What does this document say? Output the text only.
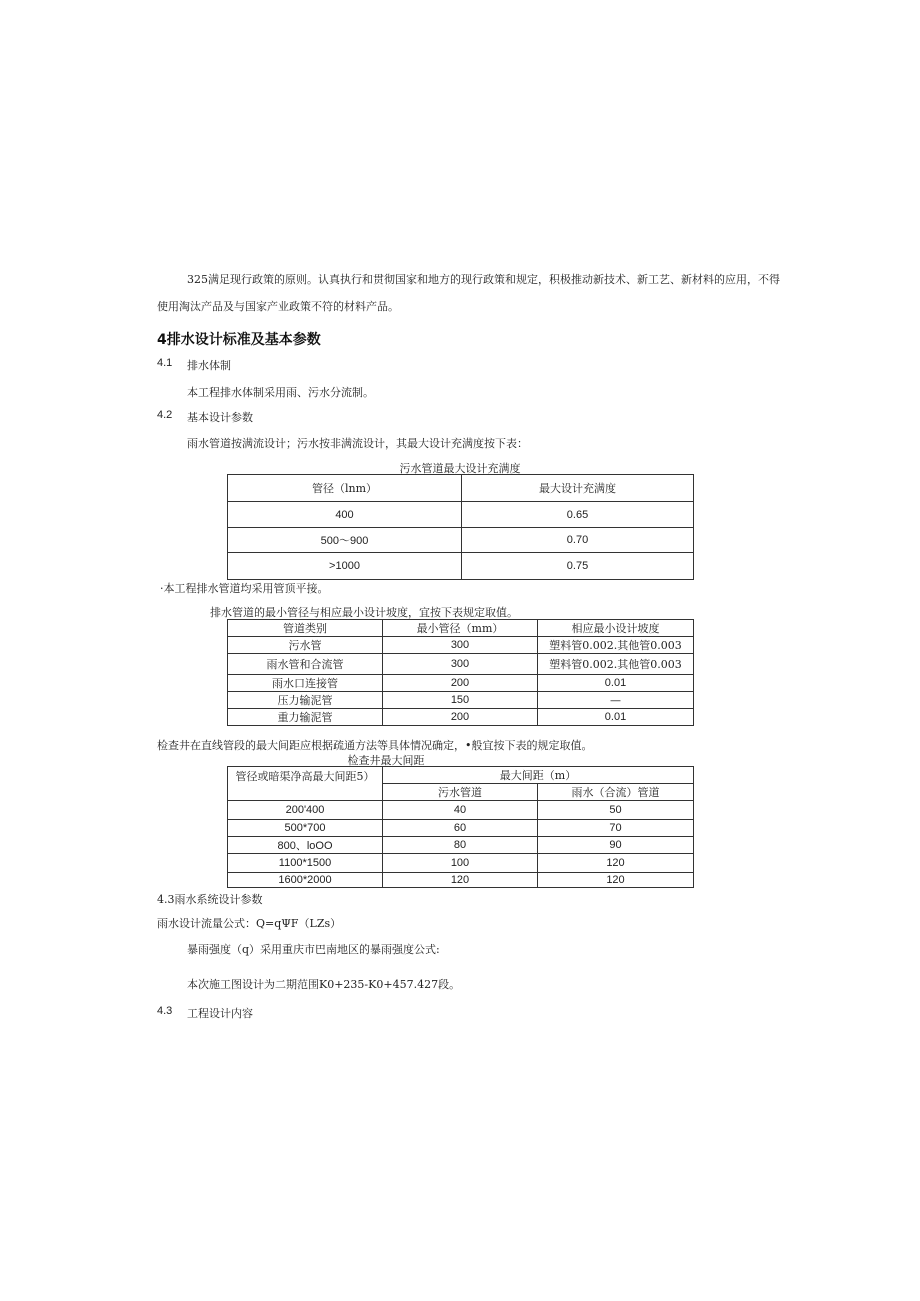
325满足现行政策的原则。认真执行和贯彻国家和地方的现行政策和规定，积极推动新技术、新工艺、新材料的应用，不得
使用淘汰产品及与国家产业政策不符的材料产品。
4排水设计标准及基本参数
4.1 排水体制
本工程排水体制采用雨、污水分流制。
4.2 基本设计参数
雨水管道按满流设计；污水按非满流设计，其最大设计充满度按下表：
污水管道最大设计充满度
管径（lnm）	最大设计充满度
400	0.65
500～900	0.70
>1000	0.75
·本工程排水管道均采用管顶平接。
排水管道的最小管径与相应最小设计坡度，宜按下表规定取值。
管道类别	最小管径（mm）	相应最小设计坡度
污水管	300	塑料管0.002.其他管0.003
雨水管和合流管	300	塑料管0.002.其他管0.003
雨水口连接管	200	0.01
压力输泥管	150	—
重力输泥管	200	0.01
检查井在直线管段的最大间距应根据疏通方法等具体情况确定，•般宜按下表的规定取值。
检查井最大间距
管径或暗渠净高最大间距5）	最大间距（m）	
	污水管道	雨水（合流）管道
200'400	40	50
500*700	60	70
800、loOO	80	90
1100*1500	100	120
1600*2000	120	120
4.3雨水系统设计参数
雨水设计流量公式：Q=qΨF（LZs）
暴雨强度（q）采用重庆市巴南地区的暴雨强度公式:
本次施工图设计为二期范围K0+235-K0+457.427段。
4.3 工程设计内容
